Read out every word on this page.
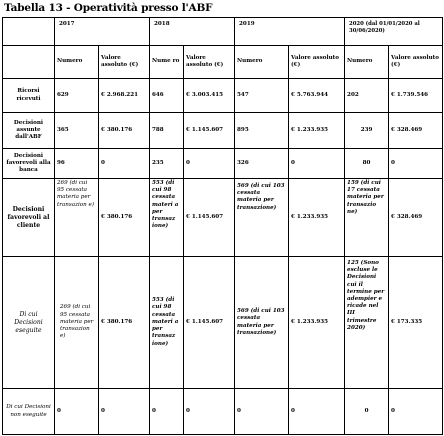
Tabella 13 - Operatività presso l'ABF
	2017		2018		2019		2020 (dal 01/01/2020 al 30/06/2020)	
	Numero	Valore assoluto (€)	Nume ro	Valore assoluto (€)	Numero	Valore assoluto (€)	Numero	Valore assoluto (€)
Ricorsi ricevuti	629	€ 2.968.221	646	€ 3.003.415	547	€ 5.763.944	202	€ 1.739.546
Decisioni assunte dall'ABF	365	€ 380.176	788	€ 1.145.607	895	€ 1.233.935	239	€ 328.469
Decisioni favorevoli alla banca	96	0	235	0	326	0	80	0
Decisioni favorevoli al cliente	269 (di cui 95 cessata materia per transazion e)	€ 380.176	553 (di cui 98 cessata materi a per transaz ione)	€ 1.145.607	569 (di cui 103 cessata materia per transazione)	€ 1.233.935	159 (di cui 17 cessata materia per transazio ne)	€ 328.469
Di cui Decisioni eseguite	269 (di cui 95 cessata materia per transazion e)	€ 380.176	553 (di cui 98 cessata materi a per transaz ione)	€ 1.145.607	569 (di cui 103 cessata materia per transazione)	€ 1.233.935	125 (Sono escluse le Decisioni cui il termine per adempier e ricade nel III trimestre 2020)	€ 173.335
Di cui Decisioni non eseguite	0	0	0	0	0	0	0	0
